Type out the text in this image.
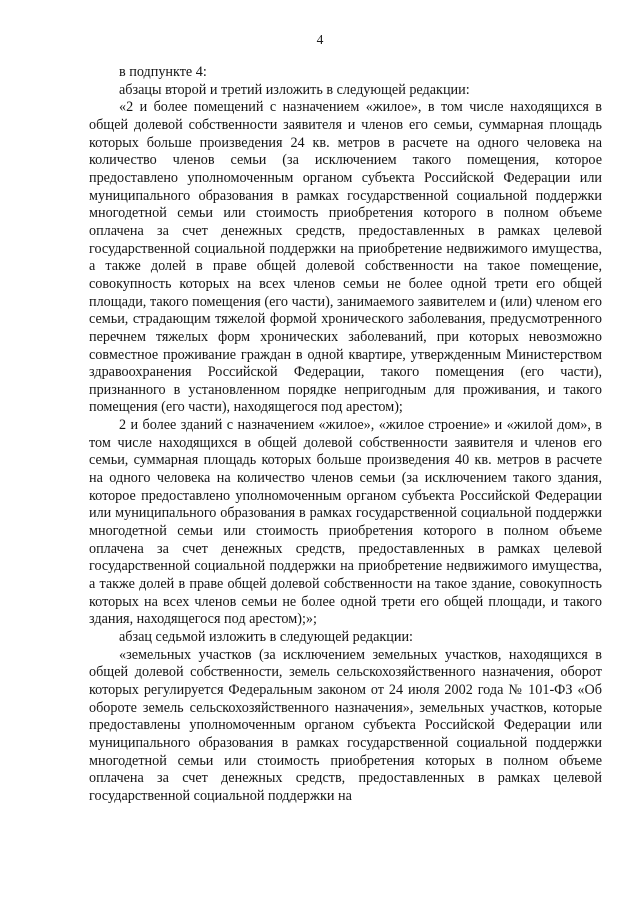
4

в подпункте 4:

абзацы второй и третий изложить в следующей редакции:

«2 и более помещений с назначением «жилое», в том числе находящихся в общей долевой собственности заявителя и членов его семьи, суммарная площадь которых больше произведения 24 кв. метров в расчете на одного человека на количество членов семьи (за исключением такого помещения, которое предоставлено уполномоченным органом субъекта Российской Федерации или муниципального образования в рамках государственной социальной поддержки многодетной семьи или стоимость приобретения которого в полном объеме оплачена за счет денежных средств, предоставленных в рамках целевой государственной социальной поддержки на приобретение недвижимого имущества, а также долей в праве общей долевой собственности на такое помещение, совокупность которых на всех членов семьи не более одной трети его общей площади, такого помещения (его части), занимаемого заявителем и (или) членом его семьи, страдающим тяжелой формой хронического заболевания, предусмотренного перечнем тяжелых форм хронических заболеваний, при которых невозможно совместное проживание граждан в одной квартире, утвержденным Министерством здравоохранения Российской Федерации, такого помещения (его части), признанного в установленном порядке непригодным для проживания, и такого помещения (его части), находящегося под арестом);

2 и более зданий с назначением «жилое», «жилое строение» и «жилой дом», в том числе находящихся в общей долевой собственности заявителя и членов его семьи, суммарная площадь которых больше произведения 40 кв. метров в расчете на одного человека на количество членов семьи (за исключением такого здания, которое предоставлено уполномоченным органом субъекта Российской Федерации или муниципального образования в рамках государственной социальной поддержки многодетной семьи или стоимость приобретения которого в полном объеме оплачена за счет денежных средств, предоставленных в рамках целевой государственной социальной поддержки на приобретение недвижимого имущества, а также долей в праве общей долевой собственности на такое здание, совокупность которых на всех членов семьи не более одной трети его общей площади, и такого здания, находящегося под арестом);»;

абзац седьмой изложить в следующей редакции:

«земельных участков (за исключением земельных участков, находящихся в общей долевой собственности, земель сельскохозяйственного назначения, оборот которых регулируется Федеральным законом от 24 июля 2002 года № 101-ФЗ «Об обороте земель сельскохозяйственного назначения», земельных участков, которые предоставлены уполномоченным органом субъекта Российской Федерации или муниципального образования в рамках государственной социальной поддержки многодетной семьи или стоимость приобретения которых в полном объеме оплачена за счет денежных средств, предоставленных в рамках целевой государственной социальной поддержки на
